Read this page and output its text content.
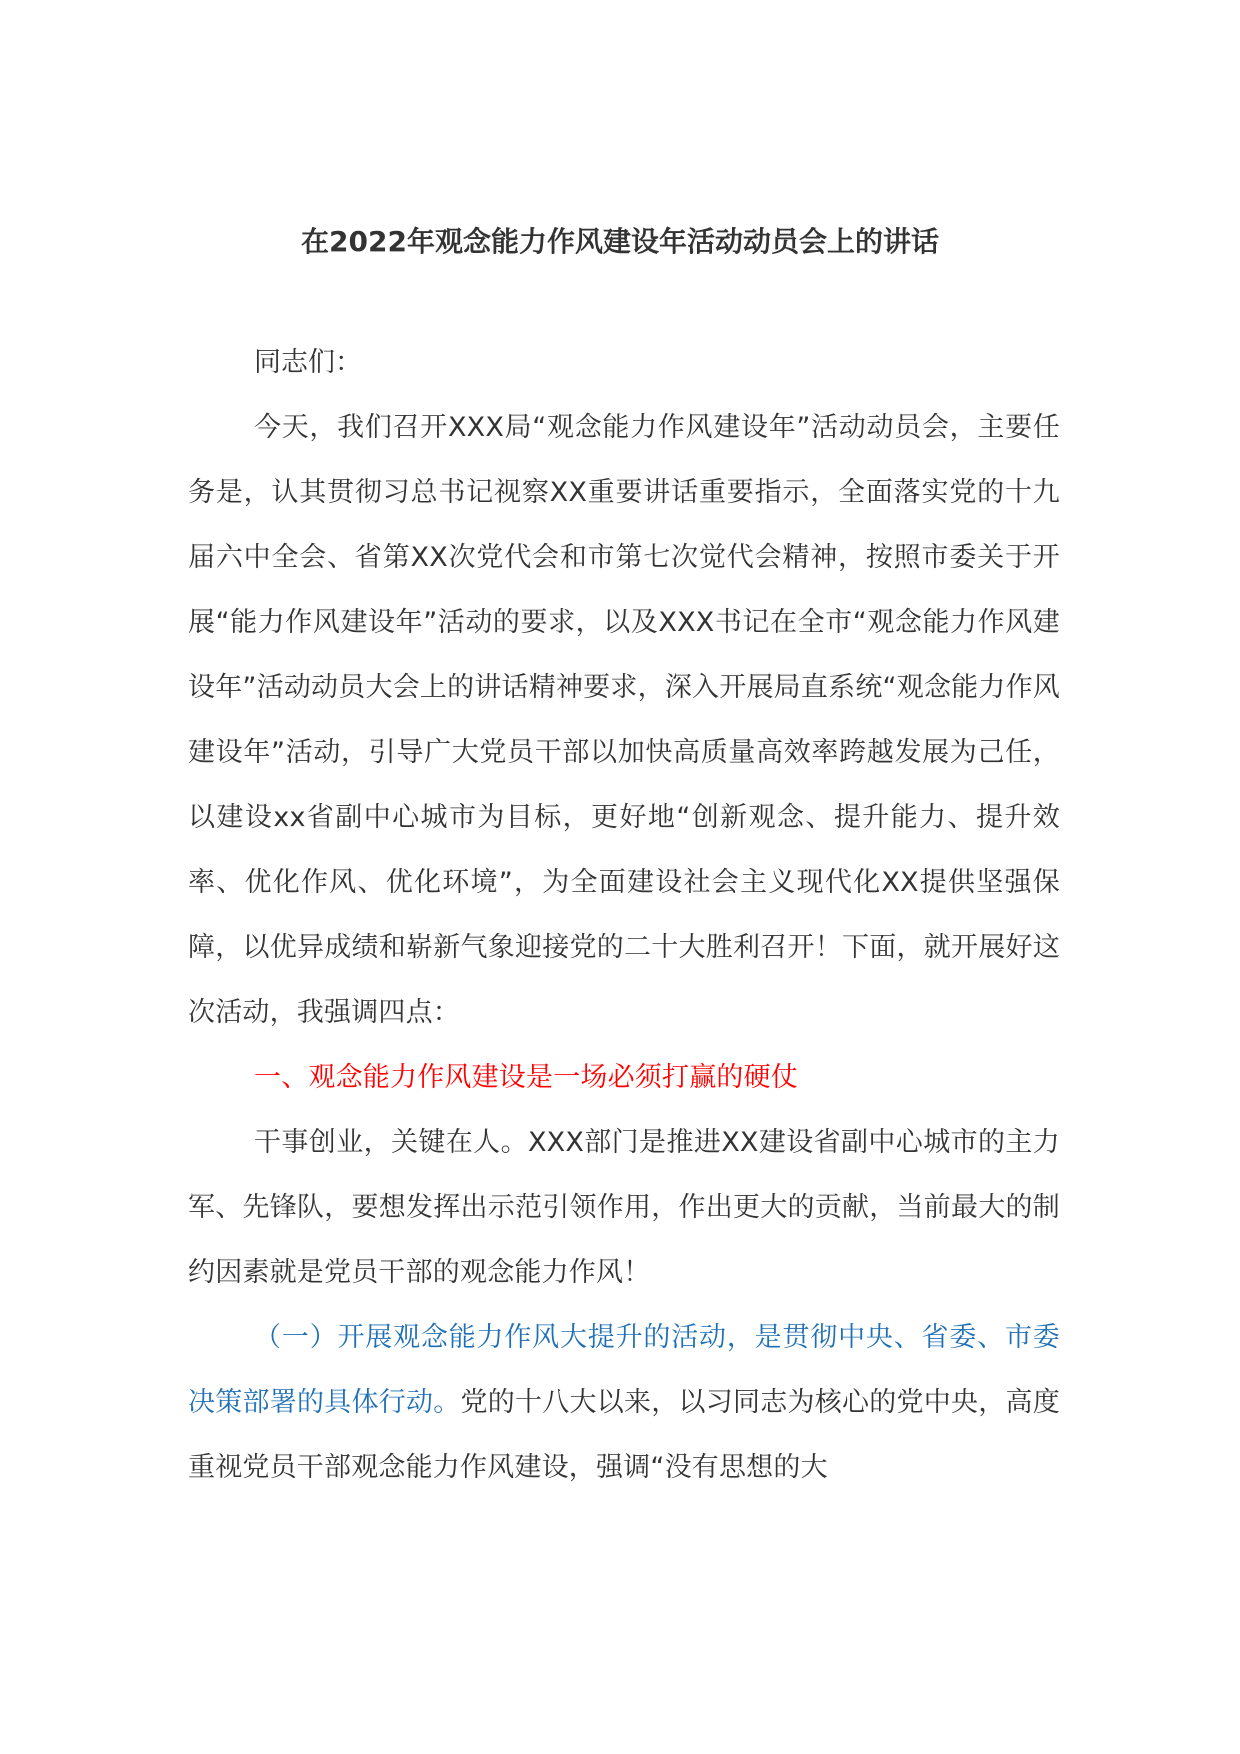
在2022年观念能力作风建设年活动动员会上的讲话

同志们：

今天，我们召开XXX局“观念能力作风建设年”活动动员会，主要任务是，认其贯彻习总书记视察XX重要讲话重要指示，全面落实党的十九届六中全会、省第XX次党代会和市第七次觉代会精神，按照市委关于开展“能力作风建设年”活动的要求，以及XXX书记在全市“观念能力作风建设年”活动动员大会上的讲话精神要求，深入开展局直系统“观念能力作风建设年”活动，引导广大党员干部以加快高质量高效率跨越发展为己任，以建设xx省副中心城市为目标，更好地“创新观念、提升能力、提升效率、优化作风、优化环境”，为全面建设社会主义现代化XX提供坚强保障，以优异成绩和崭新气象迎接党的二十大胜利召开！下面，就开展好这次活动，我强调四点：

一、观念能力作风建设是一场必须打赢的硬仗

干事创业，关键在人。XXX部门是推进XX建设省副中心城市的主力军、先锋队，要想发挥出示范引领作用，作出更大的贡献，当前最大的制约因素就是党员干部的观念能力作风！

（一）开展观念能力作风大提升的活动，是贯彻中央、省委、市委决策部署的具体行动。党的十八大以来，以习同志为核心的党中央，高度重视党员干部观念能力作风建设，强调“没有思想的大
